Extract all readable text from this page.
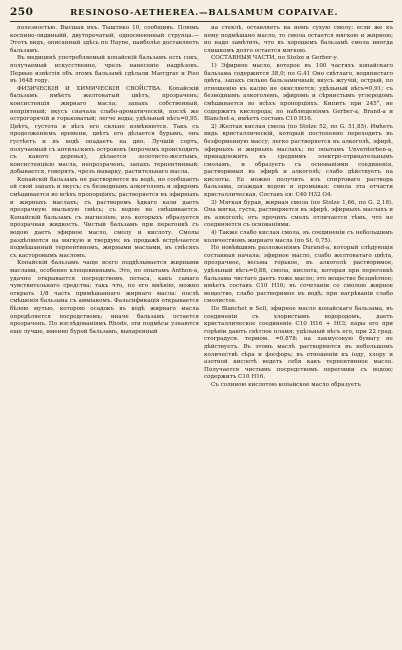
250	RESINOSO-AETHEREA.—BALSAMUM COPAIVAE.

полезностью. Высшая ихъ. Тыштяко 10, сообщивъ. Плюмъ коспино-лидиныйй, двуторочатый, односмеюнный струпца.— Этотъ видъ, описанный здѣсь по Hayne, наиболѣе доставляетъ бальзамъ.

Въ медицинѣ употребляемый копайскій бальзамъ есть сокъ, получаемый искусственно, чрезъ нанесеніе надрѣзовъ. Первые извѣстія объ этомъ бальзамѣ сдѣлали Маrсgrav и Рiso въ 1648 году.

ФИЗИЧЕСКІЯ И ХИМИЧЕСКІЯ СВОЙСТВА. Копайскій бальзамъ имѣетъ желтоватый цвѣтъ, прозраченъ; консистенція жирнаго масла; запахъ собственный, непріятный; вкусъ сначала слабо-ароматическій, послѣ же острогорячій и горьковатый; легче воды; удѣльный вѣсъ=0,95. Цвѣтъ, густота и вѣсъ его сильно измѣняются. Такъ съ продолженіемъ времени, цвѣтъ его дѣлается бурымъ, онъ густѣетъ и въ водѣ опадаетъ на дно. Лучшій сортъ, получаемый съ антильскихъ острововъ (впрочемъ происходитъ съ какого деревья), дѣлается золотисто-желтымъ, консистенцією масла, непрозраченъ, запахъ терпентинный; добывается, говорятъ, чрезъ выварку, растительнаго масла.

Копайскій бальзамъ не растворяется въ водѣ, но сообщаетъ ей свой запахъ и вкусъ; съ безводнымъ алкоголемъ и эфиромъ смѣшивается во всѣхъ пропорціяхъ; растворяется въ эфирныхъ и жирныхъ маслахъ; съ растворомъ ѣдкаго кали даетъ прозрачную мыльную смѣсь; съ водою не смѣшивается. Копайскій бальзамъ съ магнезіею, изъ которыхъ образуется прозрачная жидкость. Чистый бальзамъ при перегонкѣ съ водою даетъ эфирное масло, смолу и кислоту. Смолы раздѣляются на мягкую и твердую; въ продажѣ встрѣчается подмѣшанный терпентиномъ, жирными маслами, въ смѣсяхъ съ касторовымъ масломъ.

Копайскій бальзамъ чаще всего поддѣлывается жирными маслами, особенно клещевиннымъ. Это, по опытамъ Anthon-а, удачно открывается посредствомъ потаса, какъ самаго чувствительнаго средства; такъ что, по его мнѣнію, можно открыть 1/8 часть примѣшаннаго жирнаго масла: послѣ смѣшенія бальзама съ амміакомъ. Фальсификація открывается бѣлою мутью, которою осадокъ въ водѣ жирнаго масла опредѣляется посредствомъ; иначе бальзамъ остается прозраченъ. По изслѣдованіямъ Rhodе, эти подмѣсы узнаются еще лучше, именно бурой бальзамъ, выпаренный

на стеклѣ, оставляетъ на немъ сухую смолу; если же къ нему подмѣшано масло, то смола остается мягкою и жирною; но надо замѣтить, что въ хорошемъ бальзамѣ смола иногда слишкомъ долго остается мягкою.

СОСТАВНЫЯ ЧАСТИ, по Stolze и Gerber-у.

1) Эфирное масло, которое въ 100 частяхъ копайскаго бальзама содержится 38,0; по G.41 Оно свѣтлаго, водянистаго цвѣта, запахъ сильно бальзамичный; вкусъ жгучій, острый, по отношенію къ калію не окисляется; удѣльный вѣсъ=0,91; съ безводнымъ алкоголемъ, эфиромъ и сѣрнистымъ углеродомъ смѣшивается во всѣхъ пропорціяхъ. Кипитъ при 245°, не содержитъ кислорода; по наблюденіямъ Gerber-а, Brand-а и Blanchet-а, имѣетъ составъ C10 H16.

2) Желтая кислая смола (по Stolze 52, по G. 51,85). Имѣетъ видъ кристаллическій, который постепенно переходитъ въ безформенную массу; легко растворяется въ алкоголѣ, эфирѣ, эфирныхъ и жирныхъ маслахъ; по опытамъ Unverdorben-а, принадлежитъ къ среднимъ электро-отрицательнымъ смоламъ, и образуетъ съ основаніями соединенія, растворимыя въ эфирѣ и алкоголѣ; слабо дѣйствуетъ на кислоты. Ее можно получить изъ спиртоваго раствора бальзама, осаждая водою и промывая; смола эта отчасти кристаллическая, Составъ ея: C40 H32 O4.

3) Мягкая бурая, жирная смола (по Stolze 1,66, по G. 2,18). Она мягка, густа, растворяется въ эфирѣ, эфирныхъ маслахъ и въ алкоголѣ; отъ прочихъ смолъ отличается тѣмъ, что не соединяется съ основаніями.

4) Также слабо кислая смола, въ соединеніи съ небольшимъ количествомъ жирнаго масла (по St. 0,75).

По новѣйшимъ разложеніямъ Durand-а, который слѣдующія составныя начала: эфирное масло, слабо желтоватаго цвѣта, прозрачное, весьма горькое, въ алкоголѣ растворимое, удѣльный вѣсъ=0,88, смола, кислота, которая при перегонкѣ бальзама чистаго даетъ тоже масло; это вещество безцвѣтное; имѣетъ составъ C10 H16; въ сочетаніи со смолою жирное вещество, слабо растворимое въ водѣ; при нагрѣваніи слабо смолистое.

По Blanchet и Sell, эфирное масло копайскаго бальзама, въ соединеніи съ хлористымъ водородомъ, даетъ кристаллическое соединеніе C10 H16 + HCl; пары его при горѣніи даютъ свѣтлое пламя; удѣльный вѣсъ его, при 22 град. стоградусн. термом. =0,878; на лакмусовую бумагу не дѣйствуетъ. Въ этомъ маслѣ растворяются въ небольшомъ количествѣ сѣра и фосфоръ; въ отношеніи къ іоду, хлору и азотной кислотѣ ведетъ себя какъ терпентинное масло. Получается чистымъ посредствомъ перегонки съ водою; содержитъ C10 H16.

Съ солиною кислотою копайское масло образуетъ
